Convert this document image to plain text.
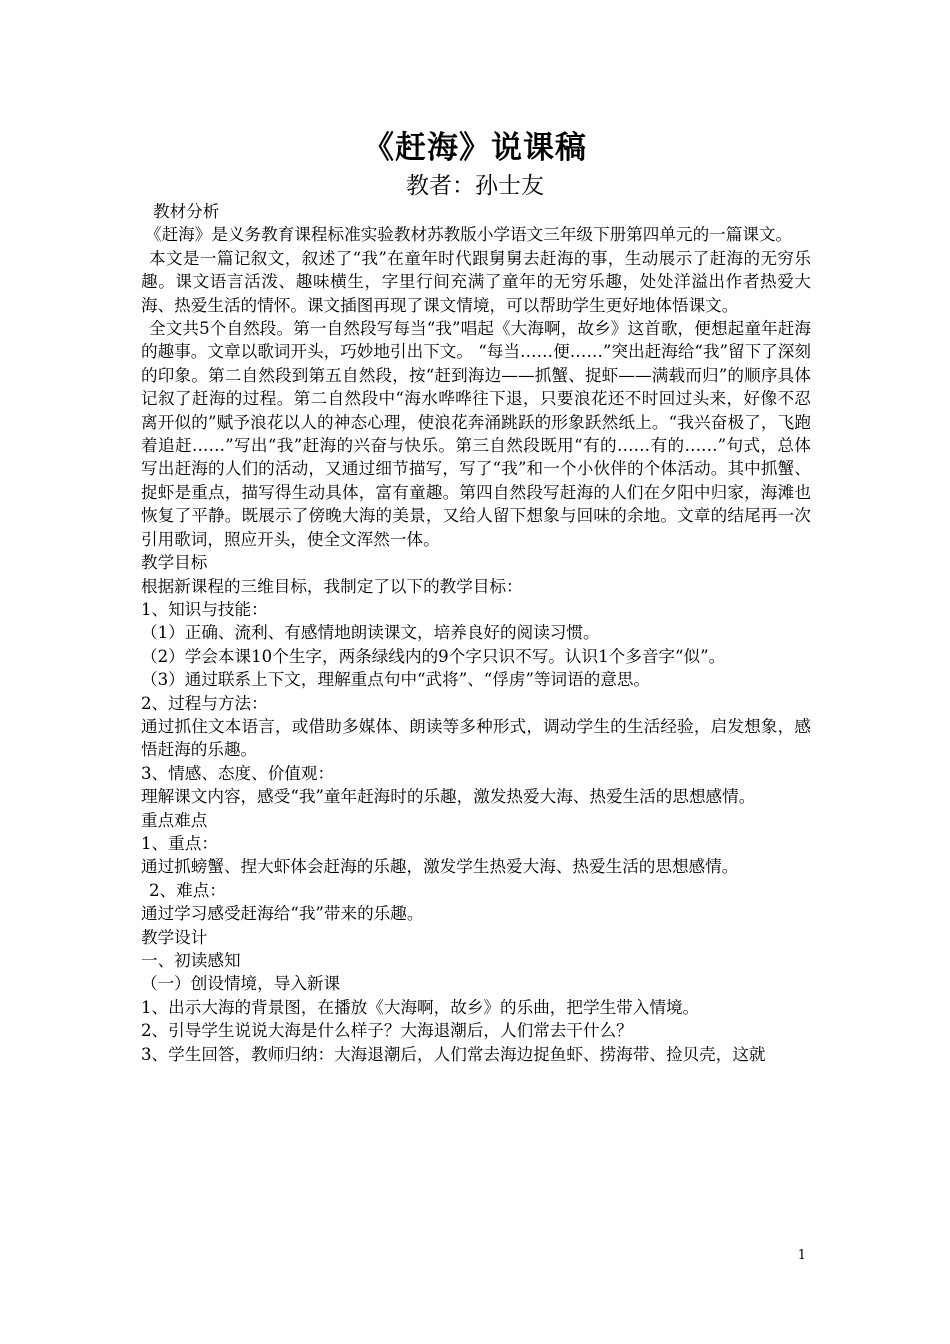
《赶海》说课稿
教者：孙士友

教材分析

《赶海》是义务教育课程标准实验教材苏教版小学语文三年级下册第四单元的一篇课文。

本文是一篇记叙文，叙述了“我”在童年时代跟舅舅去赶海的事，生动展示了赶海的无穷乐趣。课文语言活泼、趣味横生，字里行间充满了童年的无穷乐趣，处处洋溢出作者热爱大海、热爱生活的情怀。课文插图再现了课文情境，可以帮助学生更好地体悟课文。

全文共5个自然段。第一自然段写每当“我”唱起《大海啊，故乡》这首歌，便想起童年赶海的趣事。文章以歌词开头，巧妙地引出下文。 “每当……便……”突出赶海给“我”留下了深刻的印象。第二自然段到第五自然段，按“赶到海边——抓蟹、捉虾——满载而归”的顺序具体记叙了赶海的过程。第二自然段中“海水哗哗往下退，只要浪花还不时回过头来，好像不忍离开似的”赋予浪花以人的神态心理，使浪花奔涌跳跃的形象跃然纸上。“我兴奋极了，飞跑着追赶……”写出“我”赶海的兴奋与快乐。第三自然段既用“有的……有的……”句式，总体写出赶海的人们的活动，又通过细节描写，写了“我”和一个小伙伴的个体活动。其中抓蟹、捉虾是重点，描写得生动具体，富有童趣。第四自然段写赶海的人们在夕阳中归家，海滩也恢复了平静。既展示了傍晚大海的美景，又给人留下想象与回味的余地。文章的结尾再一次引用歌词，照应开头，使全文浑然一体。

教学目标

根据新课程的三维目标，我制定了以下的教学目标：

1、知识与技能：

（1）正确、流利、有感情地朗读课文，培养良好的阅读习惯。

（2）学会本课10个生字，两条绿线内的9个字只识不写。认识1个多音字“似”。

（3）通过联系上下文，理解重点句中“武将”、“俘虏”等词语的意思。

2、过程与方法：

通过抓住文本语言，或借助多媒体、朗读等多种形式，调动学生的生活经验，启发想象，感悟赶海的乐趣。

3、情感、态度、价值观：

理解课文内容，感受“我”童年赶海时的乐趣，激发热爱大海、热爱生活的思想感情。

重点难点

1、重点：

通过抓螃蟹、捏大虾体会赶海的乐趣，激发学生热爱大海、热爱生活的思想感情。

2、难点：

通过学习感受赶海给“我”带来的乐趣。

教学设计

一、初读感知

（一）创设情境，导入新课

1、出示大海的背景图，在播放《大海啊，故乡》的乐曲，把学生带入情境。

2、引导学生说说大海是什么样子？大海退潮后，人们常去干什么？

3、学生回答，教师归纳：大海退潮后，人们常去海边捉鱼虾、捞海带、捡贝壳，这就

1
